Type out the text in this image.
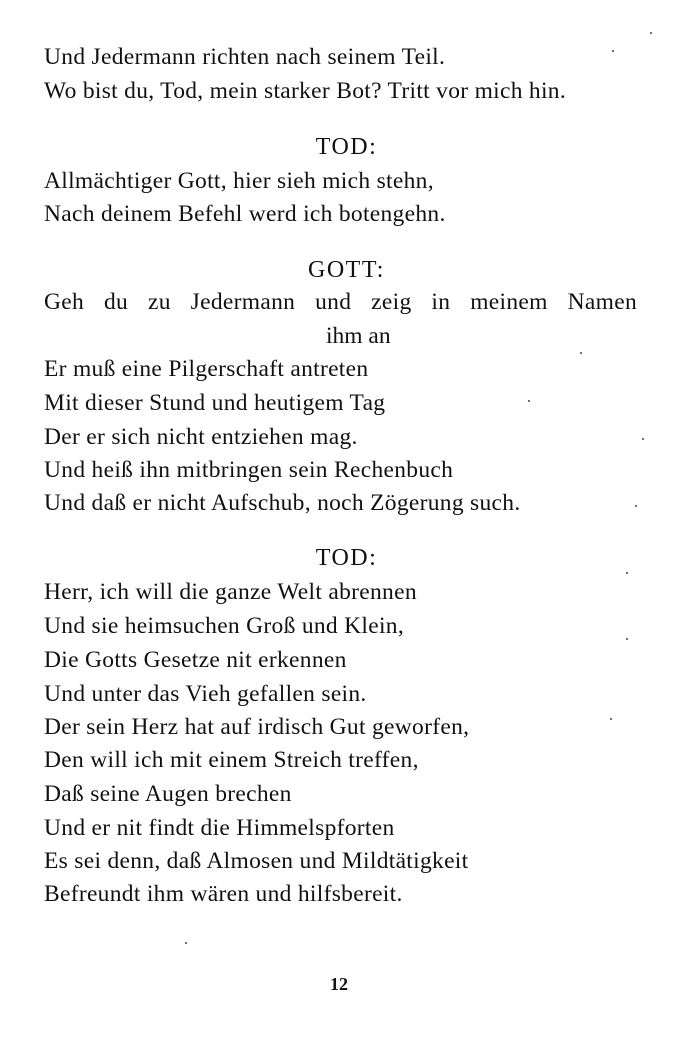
Und Jedermann richten nach seinem Teil.
Wo bist du, Tod, mein starker Bot? Tritt vor mich hin.
TOD:
Allmächtiger Gott, hier sieh mich stehn,
Nach deinem Befehl werd ich botengehn.
GOTT:
Geh du zu Jedermann und zeig in meinem Namen
ihm an
Er muß eine Pilgerschaft antreten
Mit dieser Stund und heutigem Tag
Der er sich nicht entziehen mag.
Und heiß ihn mitbringen sein Rechenbuch
Und daß er nicht Aufschub, noch Zögerung such.
TOD:
Herr, ich will die ganze Welt abrennen
Und sie heimsuchen Groß und Klein,
Die Gotts Gesetze nit erkennen
Und unter das Vieh gefallen sein.
Der sein Herz hat auf irdisch Gut geworfen,
Den will ich mit einem Streich treffen,
Daß seine Augen brechen
Und er nit findt die Himmelspforten
Es sei denn, daß Almosen und Mildtätigkeit
Befreundt ihm wären und hilfsbereit.
12
